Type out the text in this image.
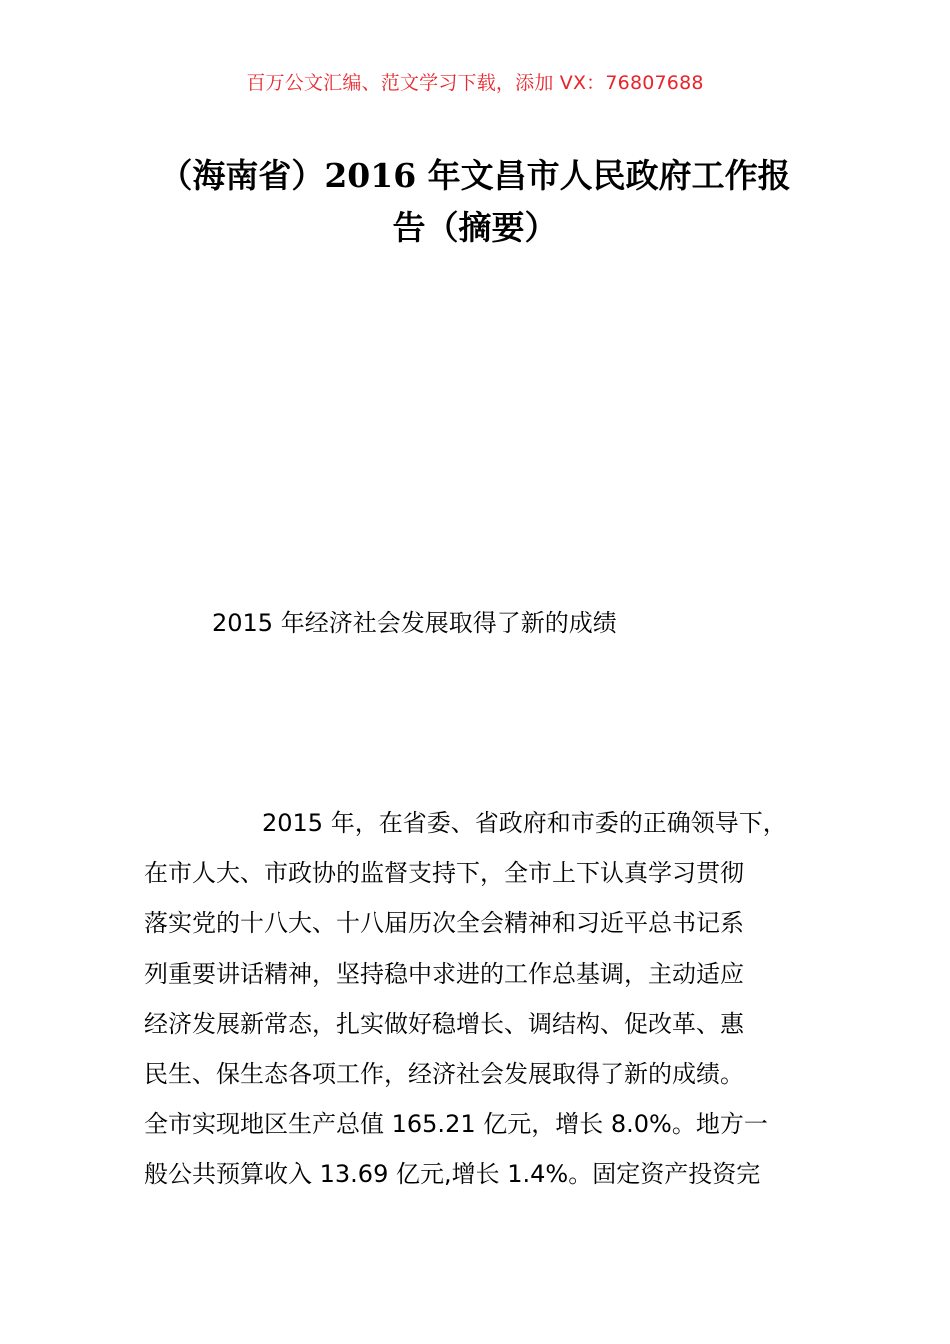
百万公文汇编、范文学习下载，添加 VX：76807688
（海南省）2016 年文昌市人民政府工作报
告（摘要）
2015 年经济社会发展取得了新的成绩
2015 年，在省委、省政府和市委的正确领导下，
在市人大、市政协的监督支持下，全市上下认真学习贯彻
落实党的十八大、十八届历次全会精神和习近平总书记系
列重要讲话精神，坚持稳中求进的工作总基调，主动适应
经济发展新常态，扎实做好稳增长、调结构、促改革、惠
民生、保生态各项工作，经济社会发展取得了新的成绩。
全市实现地区生产总值 165.21 亿元，增长 8.0%。地方一
般公共预算收入 13.69 亿元,增长 1.4%。固定资产投资完
